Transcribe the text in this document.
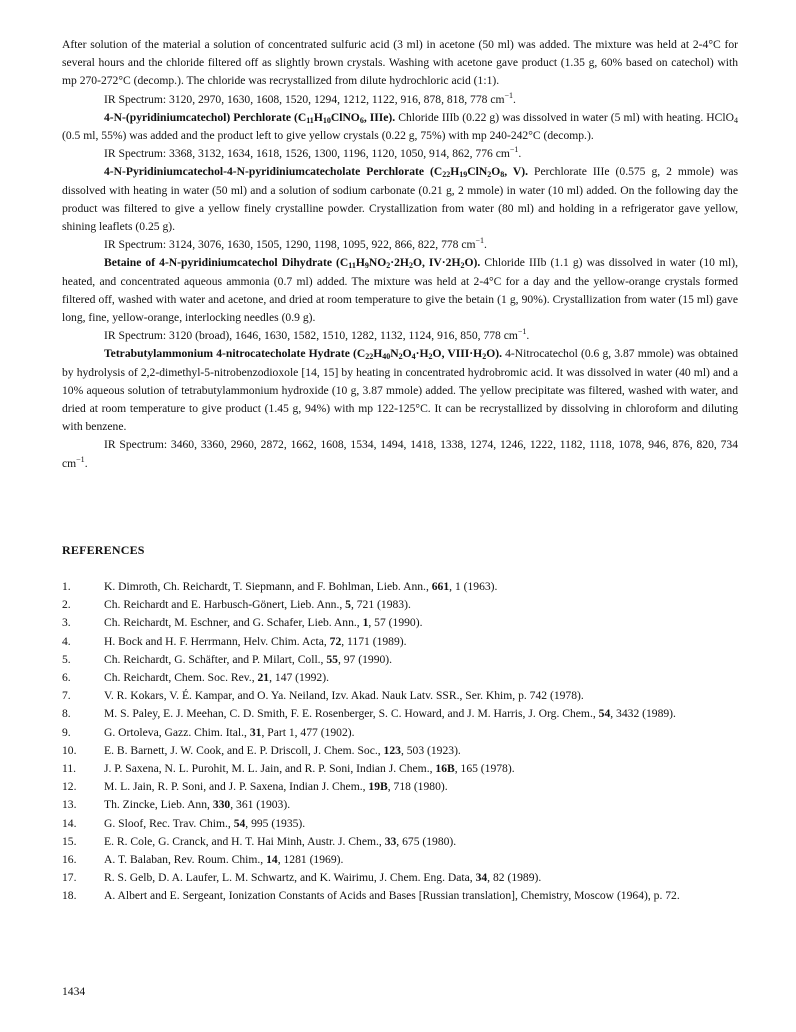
After solution of the material a solution of concentrated sulfuric acid (3 ml) in acetone (50 ml) was added. The mixture was held at 2-4°C for several hours and the chloride filtered off as slightly brown crystals. Washing with acetone gave product (1.35 g, 60% based on catechol) with mp 270-272°C (decomp.). The chloride was recrystallized from dilute hydrochloric acid (1:1).

IR Spectrum: 3120, 2970, 1630, 1608, 1520, 1294, 1212, 1122, 916, 878, 818, 778 $cm^{-1}$.

4-N-(pyridiniumcatechol) Perchlorate ($C_{11}H_{10}ClNO_6$, IIIe). Chloride IIIb (0.22 g) was dissolved in water (5 ml) with heating. HClO$_4$ (0.5 ml, 55%) was added and the product left to give yellow crystals (0.22 g, 75%) with mp 240-242°C (decomp.).

IR Spectrum: 3368, 3132, 1634, 1618, 1526, 1300, 1196, 1120, 1050, 914, 862, 776 $cm^{-1}$.

4-N-Pyridiniumcatechol-4-N-pyridiniumcatecholate Perchlorate ($C_{22}H_{19}ClN_2O_8$, V). Perchlorate IIIe (0.575 g, 2 mmole) was dissolved with heating in water (50 ml) and a solution of sodium carbonate (0.21 g, 2 mmole) in water (10 ml) added. On the following day the product was filtered to give a yellow finely crystalline powder. Crystallization from water (80 ml) and holding in a refrigerator gave yellow, shining leaflets (0.25 g).

IR Spectrum: 3124, 3076, 1630, 1505, 1290, 1198, 1095, 922, 866, 822, 778 $cm^{-1}$.

Betaine of 4-N-pyridiniumcatechol Dihydrate ($C_{11}H_9NO_2\cdot 2H_2O$, $IV\cdot 2H_2O$). Chloride IIIb (1.1 g) was dissolved in water (10 ml), heated, and concentrated aqueous ammonia (0.7 ml) added. The mixture was held at 2-4°C for a day and the yellow-orange crystals formed filtered off, washed with water and acetone, and dried at room temperature to give the betain (1 g, 90%). Crystallization from water (15 ml) gave long, fine, yellow-orange, interlocking needles (0.9 g).

IR Spectrum: 3120 (broad), 1646, 1630, 1582, 1510, 1282, 1132, 1124, 916, 850, 778 $cm^{-1}$.

Tetrabutylammonium 4-nitrocatecholate Hydrate ($C_{22}H_{40}N_2O_4\cdot H_2O$, $VIII\cdot H_2O$). 4-Nitrocatechol (0.6 g, 3.87 mmole) was obtained by hydrolysis of 2,2-dimethyl-5-nitrobenzodioxole [14, 15] by heating in concentrated hydrobromic acid. It was dissolved in water (40 ml) and a 10% aqueous solution of tetrabutylammonium hydroxide (10 g, 3.87 mmole) added. The yellow precipitate was filtered, washed with water, and dried at room temperature to give product (1.45 g, 94%) with mp 122-125°C. It can be recrystallized by dissolving in chloroform and diluting with benzene.

IR Spectrum: 3460, 3360, 2960, 2872, 1662, 1608, 1534, 1494, 1418, 1338, 1274, 1246, 1222, 1182, 1118, 1078, 946, 876, 820, 734 $cm^{-1}$.

REFERENCES
1.	K. Dimroth, Ch. Reichardt, T. Siepmann, and F. Bohlman, Lieb. Ann., 661, 1 (1963).
2.	Ch. Reichardt and E. Harbusch-Gönert, Lieb. Ann., 5, 721 (1983).
3.	Ch. Reichardt, M. Eschner, and G. Schafer, Lieb. Ann., 1, 57 (1990).
4.	H. Bock and H. F. Herrmann, Helv. Chim. Acta, 72, 1171 (1989).
5.	Ch. Reichardt, G. Schäfter, and P. Milart, Coll., 55, 97 (1990).
6.	Ch. Reichardt, Chem. Soc. Rev., 21, 147 (1992).
7.	V. R. Kokars, V. É. Kampar, and O. Ya. Neiland, Izv. Akad. Nauk Latv. SSR., Ser. Khim, p. 742 (1978).
8.	M. S. Paley, E. J. Meehan, C. D. Smith, F. E. Rosenberger, S. C. Howard, and J. M. Harris, J. Org. Chem., 54, 3432 (1989).
9.	G. Ortoleva, Gazz. Chim. Ital., 31, Part 1, 477 (1902).
10.	E. B. Barnett, J. W. Cook, and E. P. Driscoll, J. Chem. Soc., 123, 503 (1923).
11.	J. P. Saxena, N. L. Purohit, M. L. Jain, and R. P. Soni, Indian J. Chem., 16B, 165 (1978).
12.	M. L. Jain, R. P. Soni, and J. P. Saxena, Indian J. Chem., 19B, 718 (1980).
13.	Th. Zincke, Lieb. Ann, 330, 361 (1903).
14.	G. Sloof, Rec. Trav. Chim., 54, 995 (1935).
15.	E. R. Cole, G. Cranck, and H. T. Hai Minh, Austr. J. Chem., 33, 675 (1980).
16.	A. T. Balaban, Rev. Roum. Chim., 14, 1281 (1969).
17.	R. S. Gelb, D. A. Laufer, L. M. Schwartz, and K. Wairimu, J. Chem. Eng. Data, 34, 82 (1989).
18.	A. Albert and E. Sergeant, Ionization Constants of Acids and Bases [Russian translation], Chemistry, Moscow (1964), p. 72.
1434
